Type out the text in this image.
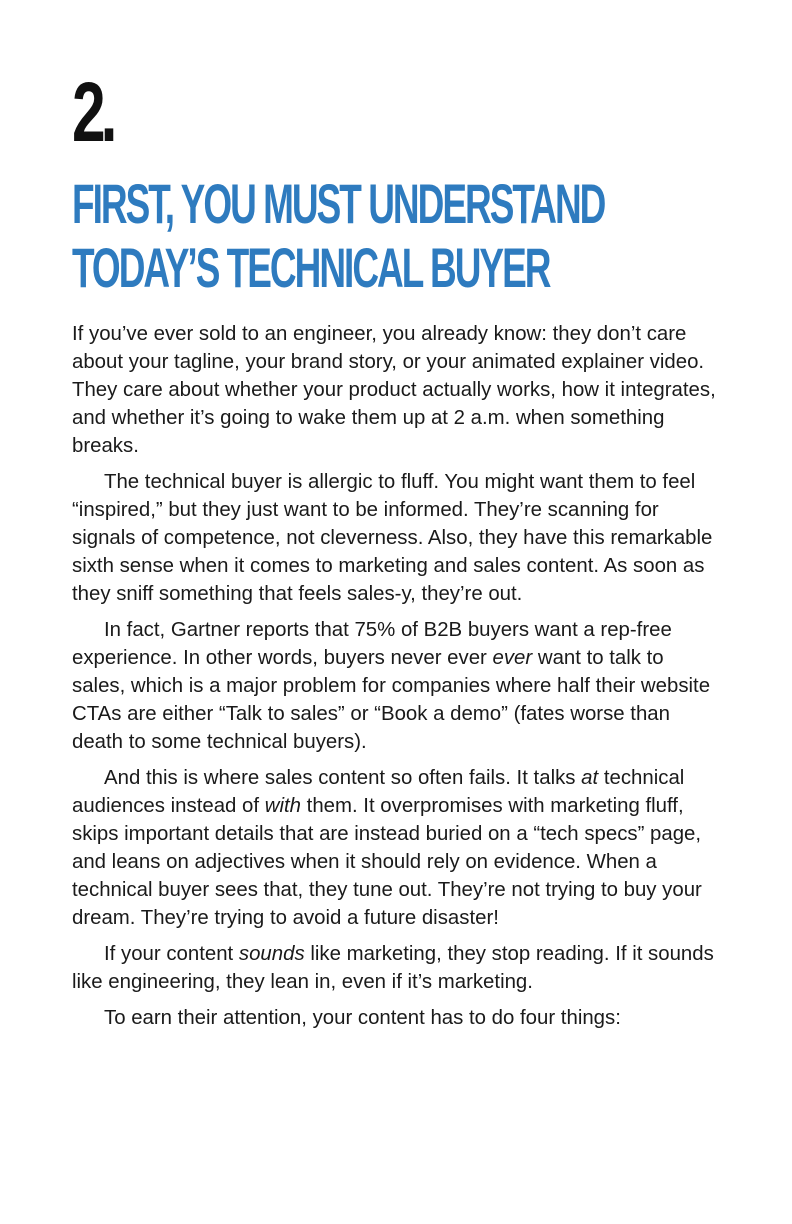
2.
FIRST, YOU MUST UNDERSTAND
TODAY’S TECHNICAL BUYER

If you’ve ever sold to an engineer, you already know: they don’t care about your tagline, your brand story, or your animated explainer video. They care about whether your product actually works, how it integrates, and whether it’s going to wake them up at 2 a.m. when something breaks.

The technical buyer is allergic to fluff. You might want them to feel “inspired,” but they just want to be informed. They’re scanning for signals of competence, not cleverness. Also, they have this remarkable sixth sense when it comes to marketing and sales content. As soon as they sniff something that feels sales-y, they’re out.

In fact, Gartner reports that 75% of B2B buyers want a rep-free experience. In other words, buyers never ever ever want to talk to sales, which is a major problem for companies where half their website CTAs are either “Talk to sales” or “Book a demo” (fates worse than death to some technical buyers).

And this is where sales content so often fails. It talks at technical audiences instead of with them. It overpromises with marketing fluff, skips important details that are instead buried on a “tech specs” page, and leans on adjectives when it should rely on evidence. When a technical buyer sees that, they tune out. They’re not trying to buy your dream. They’re trying to avoid a future disaster!

If your content sounds like marketing, they stop reading. If it sounds like engineering, they lean in, even if it’s marketing.

To earn their attention, your content has to do four things:
